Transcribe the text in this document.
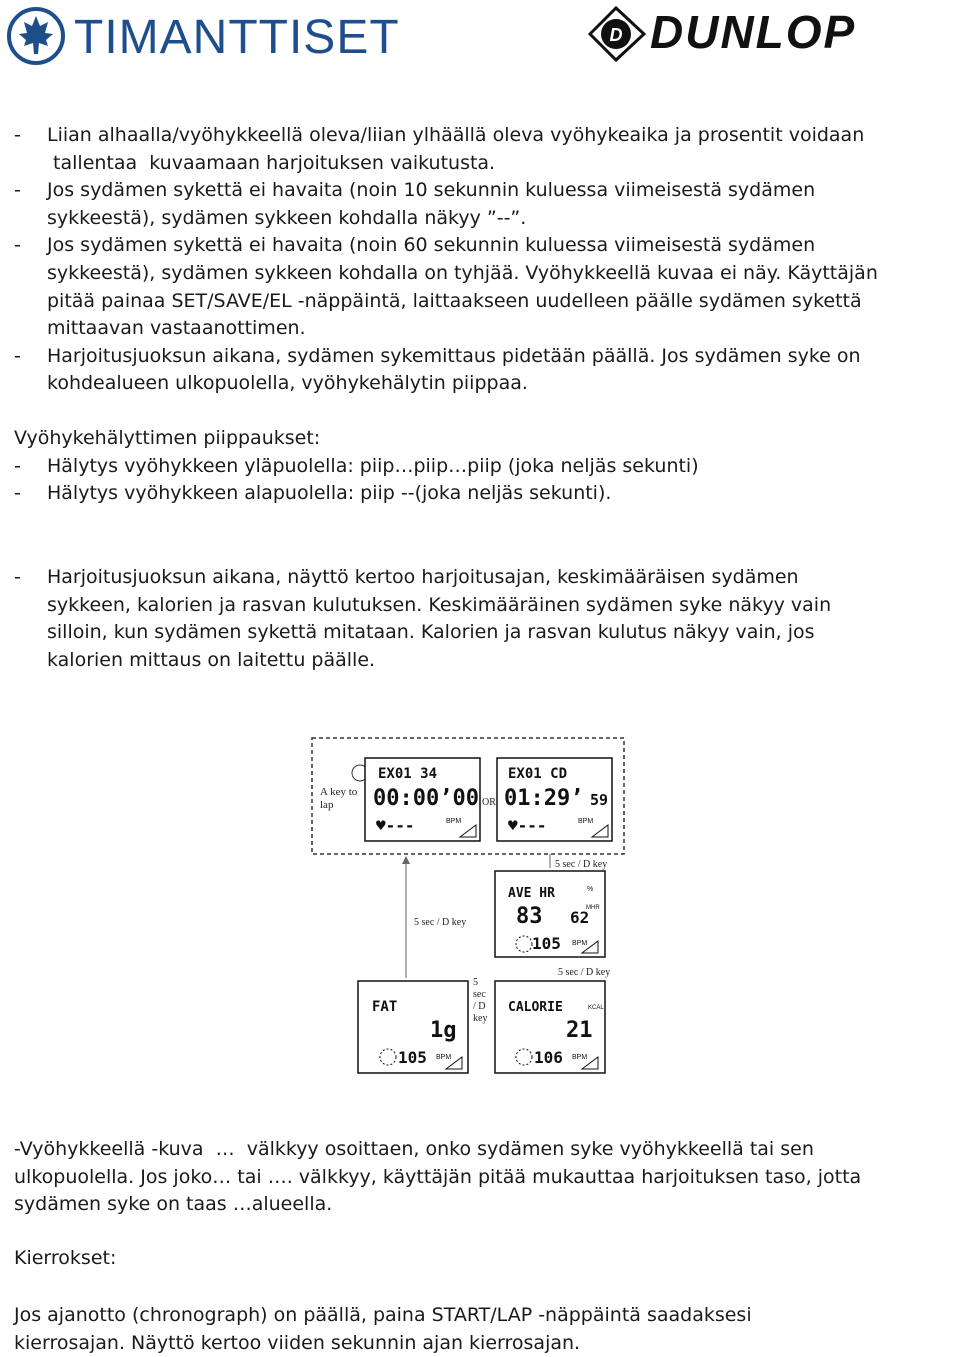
TIMANTTISET	D DUNLOP
-	Liian alhaalla/vyöhykkeellä oleva/liian ylhäällä oleva vyöhykeaika ja prosentit voidaan
tallentaa  kuvaamaan harjoituksen vaikutusta.
-	Jos sydämen sykettä ei havaita (noin 10 sekunnin kuluessa viimeisestä sydämen
sykkeestä), sydämen sykkeen kohdalla näkyy ”--”.
-	Jos sydämen sykettä ei havaita (noin 60 sekunnin kuluessa viimeisestä sydämen
sykkeestä), sydämen sykkeen kohdalla on tyhjää. Vyöhykkeellä kuvaa ei näy. Käyttäjän
pitää painaa SET/SAVE/EL -näppäintä, laittaakseen uudelleen päälle sydämen sykettä
mittaavan vastaanottimen.
-	Harjoitusjuoksun aikana, sydämen sykemittaus pidetään päällä. Jos sydämen syke on
kohdealueen ulkopuolella, vyöhykehälytin piippaa.
Vyöhykehälyttimen piippaukset:
-	Hälytys vyöhykkeen yläpuolella: piip…piip…piip (joka neljäs sekunti)
-	Hälytys vyöhykkeen alapuolella: piip --(joka neljäs sekunti).
-	Harjoitusjuoksun aikana, näyttö kertoo harjoitusajan, keskimääräisen sydämen
sykkeen, kalorien ja rasvan kulutuksen. Keskimääräinen sydämen syke näkyy vain
silloin, kun sydämen sykettä mitataan. Kalorien ja rasvan kulutus näkyy vain, jos
kalorien mittaus on laitettu päälle.
A key to
lap
EX01 34
00:00’00
♥---	BPM
OR
EX01 CD
01:29’ 59
♥---	BPM
5 sec / D key
AVE HR	%
MHR
83 62
105 BPM
5 sec / D key
5 sec / D key
5
sec
/ D
key
FAT
1g
105 BPM
CALORIE	KCAL
21
106 BPM
-Vyöhykkeellä -kuva  …  välkkyy osoittaen, onko sydämen syke vyöhykkeellä tai sen
ulkopuolella. Jos joko… tai …. välkkyy, käyttäjän pitää mukauttaa harjoituksen taso, jotta
sydämen syke on taas …alueella.
Kierrokset:
Jos ajanotto (chronograph) on päällä, paina START/LAP -näppäintä saadaksesi
kierrosajan. Näyttö kertoo viiden sekunnin ajan kierrosajan.
